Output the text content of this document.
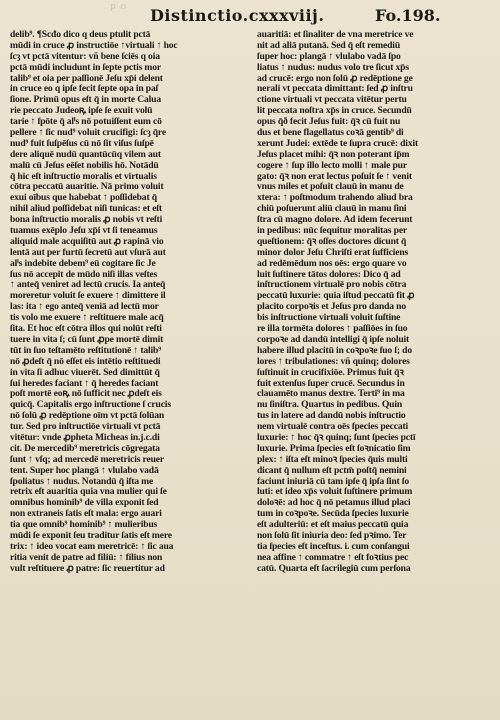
p o	Distinctio.cxxxviij.	Fo.198.
delib⁹. ¶Scđo dico q deus ptulit pctā
mūdi in cruce ꝓ instructiōe ↑virtuali ↑ hoc
ſcȝ vt pctā vitentur: vñ bene ſciēs q oia
pctā mūdi includunt in ſepte pctis mor
talib⁹ et oia per paſſionē Jeſu xp̄i delent
in cruce eo q ipſe fecit ſepte opa in paſ
ſione. Primū opus eſt q̄ in morte Calua
rie peccato Judeoꝶ ipſe ſe exuit volū
tarie ↑ ſpōte q̄ alⁱs nō potuiſſent eum cō
pellere ↑ ſic nud⁹ voluit crucifigi: ſcȝ q̄re
nud⁹ fuit ſuſpēſus cū nō ſit viſus ſuſpē
dere aliquē nudū quantūcūq vilem aut
malū cū Jeſus eēſet nobilis hō. Notādū
q̄ hic eſt inſtructio moralis et virtualis
cōtra peccatū auaritie. Nā primo voluit
exui oībus que habebat ↑ poſſidebat q̄
nihil aliud poſſidebat niſi tunicas: et eſt
bona inſtructio moralis ꝓ nobis vt reſti
tuamus exēplo Jeſu xp̄i vt ſi teneamus
aliquid male acquiſitū aut ꝓ rapinā vio
lentā aut per furtū ſecretū aut vſurā aut
alⁱs indebite debem⁹ eū cogitare ſic Je
ſus nō accepit de mūdo niſi illas veſtes
↑ anteq̄ veniret ad lectū crucis. Ia anteq̄
moreretur voluit ſe exuere ↑ dimittere il
las: ita ↑ ego anteq̄ veniā ad lectū mor
tis volo me exuere ↑ reſtituere male acq̄
ſita. Et hoc eſt cōtra illos qui nolūt reſti
tuere in vita ſ; cū ſunt ꝓpe mortē dimit
tūt in ſuo teſtamēto reſtitutionē ↑ talib⁹
nō ꝓdeſt q̄ nō eſſet eis intētio reſtituedi
in vita ſi adhuc viuerēt. Sed dimittūt q̄
ſui heredes faciant ↑ q̄ heredes faciant
poſt mortē eoꝶ nō ſufficit nec ꝓdeſt eis
quicq̄. Capitalis ergo inſtructione ſ crucis
nō ſolū ꝓ redēptione oīm vt pctā ſolūan
tur. Sed pro inſtructiōe virtuali vt pctā
vitētur: vnde ꝓpheta Micheas in.j.c.di
cit. De mercedib⁹ meretricis cōgregata
ſunt ↑ vſq; ad mercedē meretricis reuer
tent. Super hoc plangā ↑ vlulabo vadā
ſpoliatus ↑ nudus. Notandū q̄ iſta me
retrix eſt auaritia quia vna mulier qui ſe
omnibus hominib⁹ de villa exponit ſed
non extraneis ſatis eſt mala: ergo auari
tia que omnib⁹ hominib⁹ ↑ mulieribus
mūdi ſe exponit ſeu traditur ſatis eſt mere
trix: ↑ ideo vocat eam meretricē: ↑ ſic aua
ritia venit de patre ad filiū: ↑ filius non
vult reſtituere ꝓ patre: ſic reuertitur ad
auaritiā: et ſinaliter de vna meretrice ve
nit ad aliā putanā. Sed q̄ eſt remediū
ſuper hoc: plangā ↑ vlulabo vadā ſpo
liatus ↑ nudus: nudus volo tre ſicut xp̄s
ad crucē: ergo non ſolū ꝓ redēptione ge
nerali vt peccata dimittant: ſed ꝓ inſtru
ctione virtuali vt peccata vitētur pertu
lit peccata noſtra xp̄s in cruce. Secundū
opus q̄ð fecit Jeſus fuit: q̄ꝛ cū fuit nu
dus et bene flagellatus coꝛā gentib⁹ di
xerunt Judei: extēde te ſupra crucē: dixit
Jeſus placet mihi: q̄ꝛ non poterant ip̄m
cogere ↑ ſup illo lecto molli ↑ male pur
gato: q̄ꝛ non erat lectus poſuit ſe ↑ venit
vnus miles et poſuit clauū in manu de
xtera: ↑ poſtmodum trahendo aliud bra
chiū poſuerunt aliū clauū in manu ſini
ſtra cū magno dolore. Ad idem fecerunt
in pedibus: nūc ſequitur moralitas per
queſtionem: q̄ꝛ oſſes doctores dicunt q̄
minor dolor Jeſu Chriſti erat ſufficiens
ad redēmēdum nos oēs: ergo quare vo
luit ſuſtinere tātos dolores: Dico q̄ ad
inſtructionem virtualē pro nobis cōtra
peccatū luxurie: quia iſtud peccatū fit ꝓ
placito corpoꝛis et Jeſus pro danda no
bis inſtructione virtuali voluit ſuſtine
re illa tormēta dolores ↑ paſſiōes in ſuo
corpoꝛe ad dandū intelligi q̄ ipſe noluit
habere illud placitū in coꝛpoꝛe ſuo ſ; do
lores ↑ tribulationes: vñ quinq; dolores
ſuſtinuit in crucifixiōe. Primus fuit q̄ꝛ
fuit extenſus ſuper crucē. Secundus in
clauamēto manus dextre. Terti⁹ in ma
nu ſiniſtra. Quartus in pedibus. Quin
tus in latere ad dandū nobis inſtructio
nem virtualē contra oēs ſpecies peccati
luxurie: ↑ hoc q̄ꝛ quinq; ſunt ſpecies pctī
luxurie. Prima ſpecies eſt ſoꝛnicatio ſim
plex: ↑ iſta eſt minoꝛ ſpecies q̄uis multi
dicant q̄ nullum eſt pctm̄ poſtq̄ nemini
faciunt iniuriā cū tam ipſe q̄ ipſa ſint ſo
luti: et ideo xp̄s voluit ſuſtinere primum
doloꝛē: ad hoc q̄ nō petamus illud placi
tum in coꝛpoꝛe. Secūda ſpecies luxurie
eſt adulteriū: et eſt maius peccatū quia
non ſolū ſit iniuria deo: ſed pꝛimo. Ter
tia ſpecies eſt inceſtus. i. cum conſangui
nea affine ↑ commatre ↑ eſt foꝛtius pec
catū. Quarta eſt ſacrilegiū cum perſona
